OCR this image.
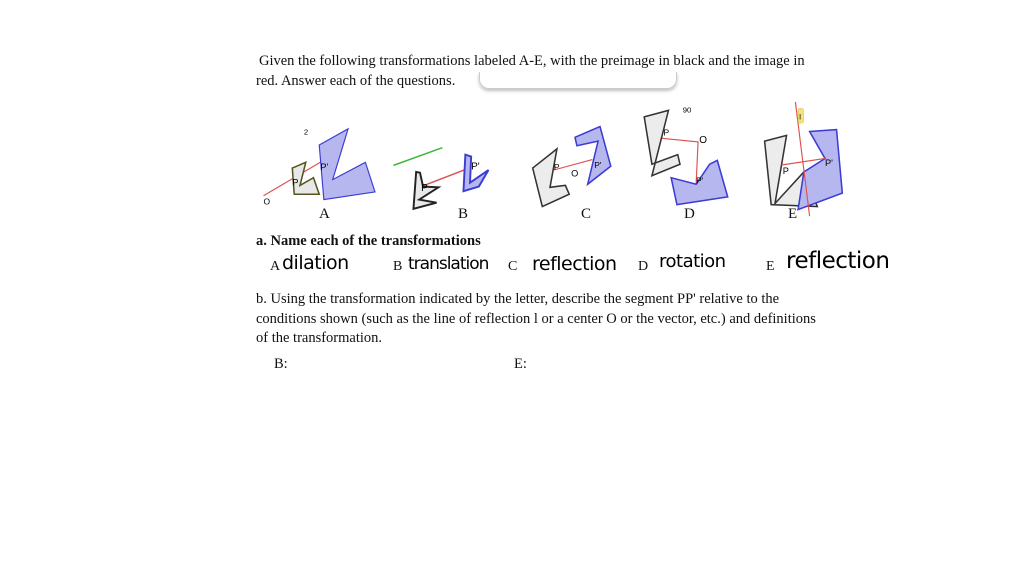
Given the following transformations labeled A-E, with the preimage in black and the image in
red. Answer each of the questions.
2
O
P
P'
P
P'	P
O
P'
90
P
O
P'
l
P
P'
A	B	C	D	E
a. Name each of the transformations
A dilation	B translation C reflection D rotation	E reflection
b. Using the transformation indicated by the letter, describe the segment PP' relative to the
conditions shown (such as the line of reflection l or a center O or the vector, etc.) and definitions
of the transformation.
B:	E:
